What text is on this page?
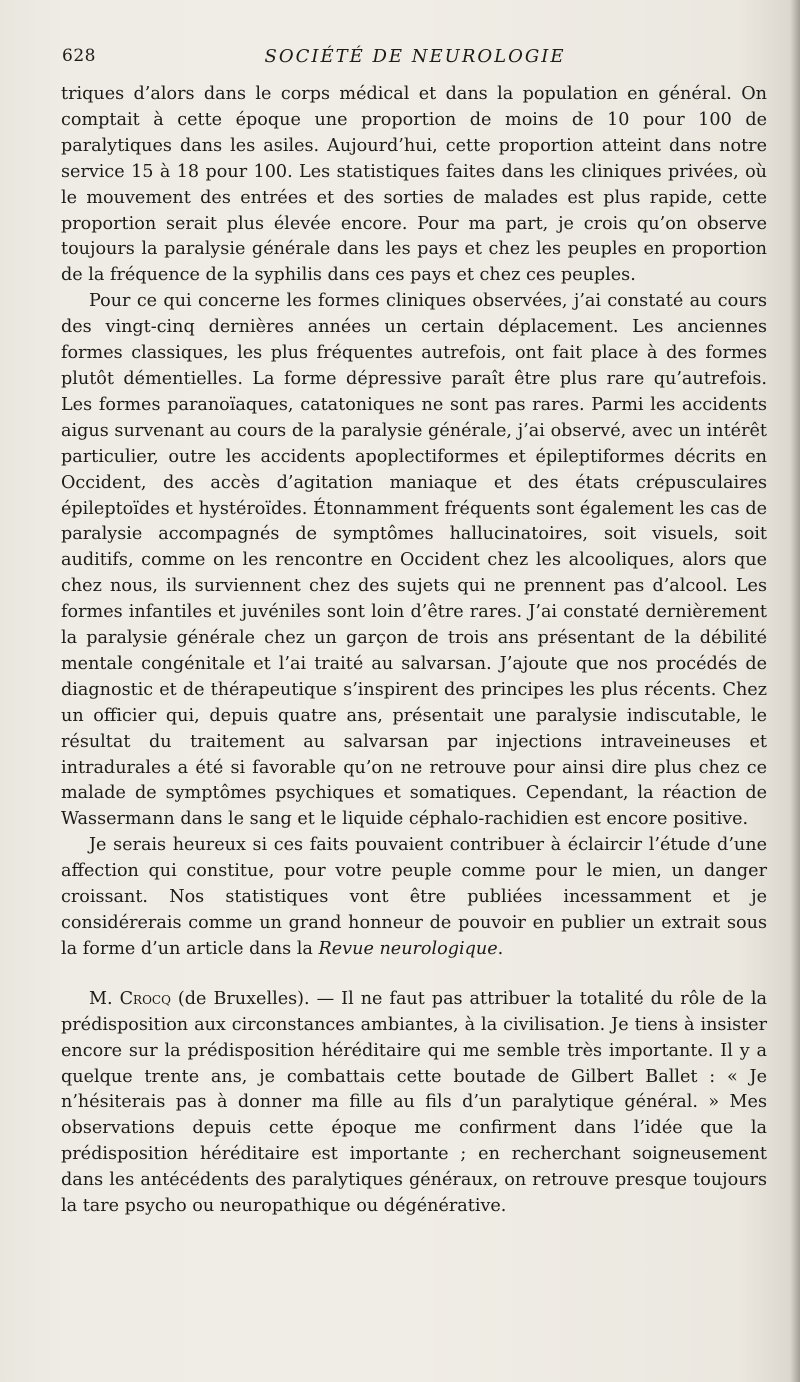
628	SOCIÉTÉ DE NEUROLOGIE

triques d’alors dans le corps médical et dans la population en général. On comptait à cette époque une proportion de moins de 10 pour 100 de paralytiques dans les asiles. Aujourd’hui, cette proportion atteint dans notre service 15 à 18 pour 100. Les statistiques faites dans les cliniques privées, où le mouvement des entrées et des sorties de malades est plus rapide, cette proportion serait plus élevée encore. Pour ma part, je crois qu’on observe toujours la paralysie générale dans les pays et chez les peuples en proportion de la fréquence de la syphilis dans ces pays et chez ces peuples.

Pour ce qui concerne les formes cliniques observées, j’ai constaté au cours des vingt-cinq dernières années un certain déplacement. Les anciennes formes classiques, les plus fréquentes autrefois, ont fait place à des formes plutôt démentielles. La forme dépressive paraît être plus rare qu’autrefois. Les formes paranoïaques, catatoniques ne sont pas rares. Parmi les accidents aigus survenant au cours de la paralysie générale, j’ai observé, avec un intérêt particulier, outre les accidents apoplectiformes et épileptiformes décrits en Occident, des accès d’agitation maniaque et des états crépusculaires épileptoïdes et hystéroïdes. Étonnamment fréquents sont également les cas de paralysie accompagnés de symptômes hallucinatoires, soit visuels, soit auditifs, comme on les rencontre en Occident chez les alcooliques, alors que chez nous, ils surviennent chez des sujets qui ne prennent pas d’alcool. Les formes infantiles et juvéniles sont loin d’être rares. J’ai constaté dernièrement la paralysie générale chez un garçon de trois ans présentant de la débilité mentale congénitale et l’ai traité au salvarsan. J’ajoute que nos procédés de diagnostic et de thérapeutique s’inspirent des principes les plus récents. Chez un officier qui, depuis quatre ans, présentait une paralysie indiscutable, le résultat du traitement au salvarsan par injections intraveineuses et intradurales a été si favorable qu’on ne retrouve pour ainsi dire plus chez ce malade de symptômes psychiques et somatiques. Cependant, la réaction de Wassermann dans le sang et le liquide céphalo-rachidien est encore positive.

Je serais heureux si ces faits pouvaient contribuer à éclaircir l’étude d’une affection qui constitue, pour votre peuple comme pour le mien, un danger croissant. Nos statistiques vont être publiées incessamment et je considérerais comme un grand honneur de pouvoir en publier un extrait sous la forme d’un article dans la Revue neurologique.

M. Crocq (de Bruxelles). — Il ne faut pas attribuer la totalité du rôle de la prédisposition aux circonstances ambiantes, à la civilisation. Je tiens à insister encore sur la prédisposition héréditaire qui me semble très importante. Il y a quelque trente ans, je combattais cette boutade de Gilbert Ballet : « Je n’hésiterais pas à donner ma fille au fils d’un paralytique général. » Mes observations depuis cette époque me confirment dans l’idée que la prédisposition héréditaire est importante ; en recherchant soigneusement dans les antécédents des paralytiques généraux, on retrouve presque toujours la tare psycho ou neuropathique ou dégénérative.
